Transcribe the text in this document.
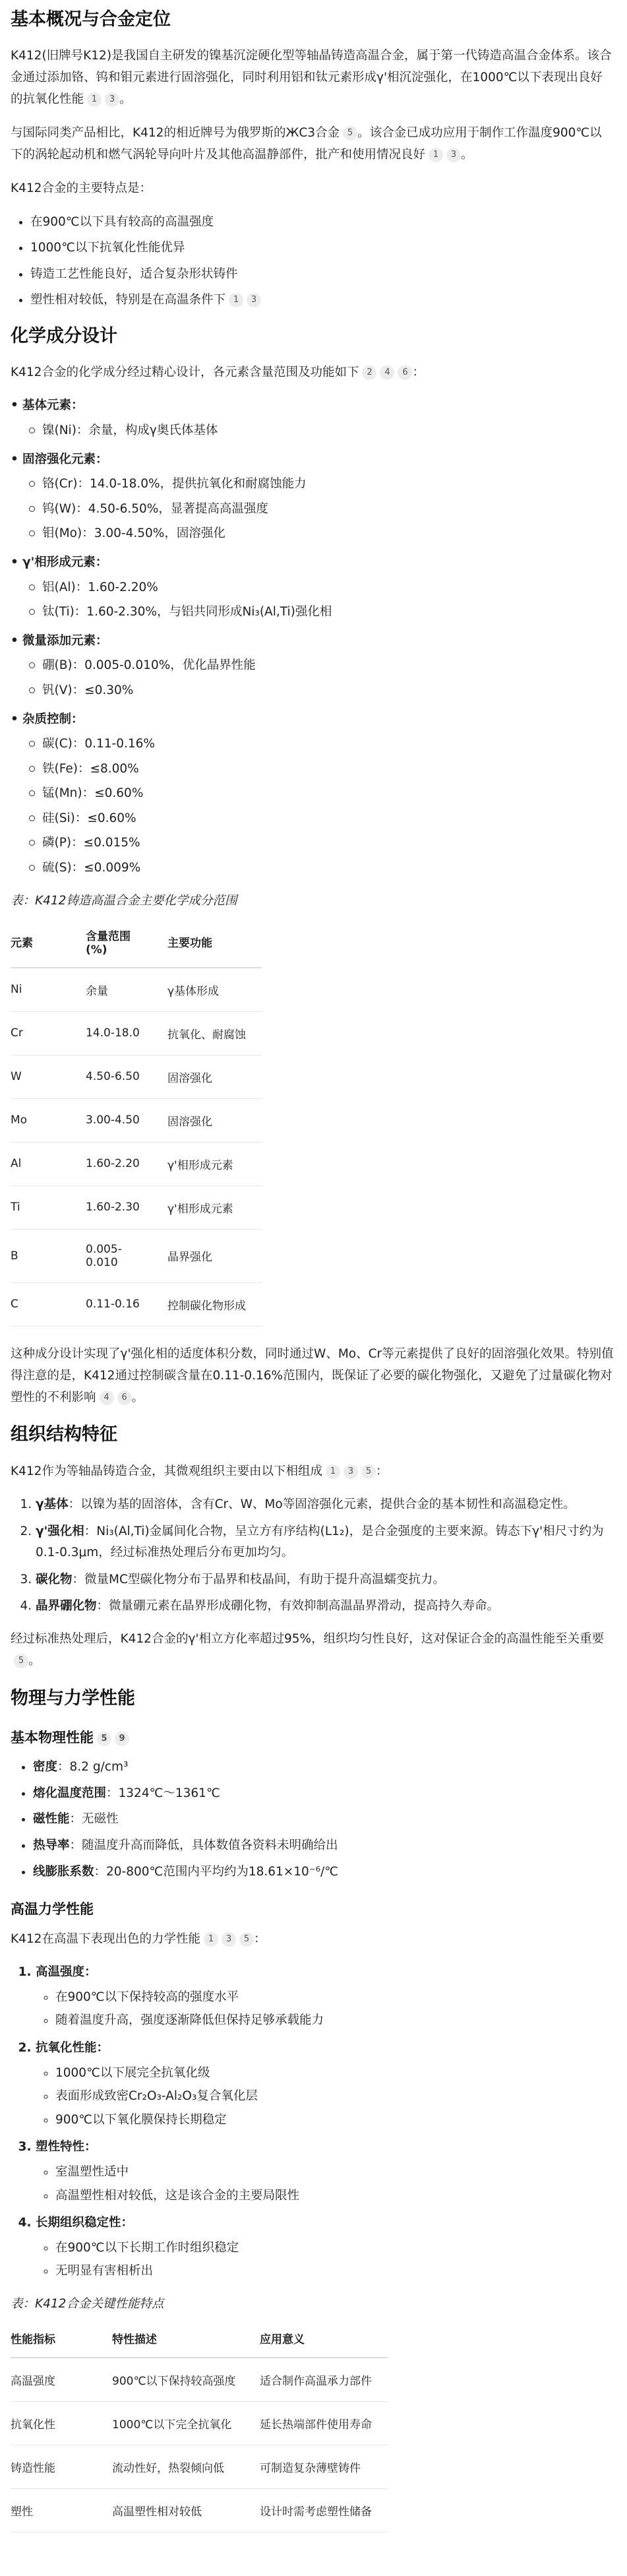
基本概况与合金定位

K412(旧牌号K12)是我国自主研发的镍基沉淀硬化型等轴晶铸造高温合金，属于第一代铸造高温合金体系。该合金通过添加铬、钨和钼元素进行固溶强化，同时利用铝和钛元素形成γ'相沉淀强化，在1000℃以下表现出良好的抗氧化性能 1 3 。

与国际同类产品相比，K412的相近牌号为俄罗斯的ЖС3合金 5 。该合金已成功应用于制作工作温度900℃以下的涡轮起动机和燃气涡轮导向叶片及其他高温静部件，批产和使用情况良好 1 3 。

K412合金的主要特点是：

• 在900℃以下具有较高的高温强度
• 1000℃以下抗氧化性能优异
• 铸造工艺性能良好，适合复杂形状铸件
• 塑性相对较低，特别是在高温条件下 1 3
化学成分设计

K412合金的化学成分经过精心设计，各元素含量范围及功能如下 2 4 6 ：

• 基体元素：
镍(Ni)：余量，构成γ奥氏体基体
• 固溶强化元素：
铬(Cr)：14.0-18.0%，提供抗氧化和耐腐蚀能力
钨(W)：4.50-6.50%，显著提高高温强度
钼(Mo)：3.00-4.50%，固溶强化
• γ'相形成元素：
铝(Al)：1.60-2.20%
钛(Ti)：1.60-2.30%，与铝共同形成Ni₃(Al,Ti)强化相
• 微量添加元素：
硼(B)：0.005-0.010%，优化晶界性能
钒(V)：≤0.30%
• 杂质控制：
碳(C)：0.11-0.16%
铁(Fe)：≤8.00%
锰(Mn)：≤0.60%
硅(Si)：≤0.60%
磷(P)：≤0.015%
硫(S)：≤0.009%
表：K412铸造高温合金主要化学成分范围
元素	含量范围(%)	主要功能
Ni	余量	γ基体形成
Cr	14.0-18.0	抗氧化、耐腐蚀
W	4.50-6.50	固溶强化
Mo	3.00-4.50	固溶强化
Al	1.60-2.20	γ'相形成元素
Ti	1.60-2.30	γ'相形成元素
B	0.005-0.010	晶界强化
C	0.11-0.16	控制碳化物形成

这种成分设计实现了γ'强化相的适度体积分数，同时通过W、Mo、Cr等元素提供了良好的固溶强化效果。特别值得注意的是，K412通过控制碳含量在0.11-0.16%范围内，既保证了必要的碳化物强化，又避免了过量碳化物对塑性的不利影响 4 6 。

组织结构特征

K412作为等轴晶铸造合金，其微观组织主要由以下相组成 1 3 5 ：

1. γ基体：以镍为基的固溶体，含有Cr、W、Mo等固溶强化元素，提供合金的基本韧性和高温稳定性。
2. γ'强化相：Ni₃(Al,Ti)金属间化合物，呈立方有序结构(L1₂)，是合金强度的主要来源。铸态下γ'相尺寸约为0.1-0.3μm，经过标准热处理后分布更加均匀。
3. 碳化物：微量MC型碳化物分布于晶界和枝晶间，有助于提升高温蠕变抗力。
4. 晶界硼化物：微量硼元素在晶界形成硼化物，有效抑制高温晶界滑动，提高持久寿命。

经过标准热处理后，K412合金的γ'相立方化率超过95%，组织均匀性良好，这对保证合金的高温性能至关重要5 。

物理与力学性能
基本物理性能 5 9
• 密度：8.2 g/cm³
• 熔化温度范围：1324℃～1361℃
• 磁性能：无磁性
• 热导率：随温度升高而降低，具体数值各资料未明确给出
• 线膨胀系数：20-800℃范围内平均约为18.61×10⁻⁶/℃
高温力学性能

K412在高温下表现出色的力学性能 1 3 5 ：

1. 高温强度：
◦ 在900℃以下保持较高的强度水平
◦ 随着温度升高，强度逐渐降低但保持足够承载能力
2. 抗氧化性能：
◦ 1000℃以下展完全抗氧化级
◦ 表面形成致密Cr₂O₃-Al₂O₃复合氧化层
◦ 900℃以下氧化膜保持长期稳定
3. 塑性特性：
◦ 室温塑性适中
◦ 高温塑性相对较低，这是该合金的主要局限性
4. 长期组织稳定性：
◦ 在900℃以下长期工作时组织稳定
◦ 无明显有害相析出
表：K412合金关键性能特点
性能指标	特性描述	应用意义
高温强度	900℃以下保持较高强度	适合制作高温承力部件
抗氧化性	1000℃以下完全抗氧化	延长热端部件使用寿命
铸造性能	流动性好，热裂倾向低	可制造复杂薄壁铸件
塑性	高温塑性相对较低	设计时需考虑塑性储备
